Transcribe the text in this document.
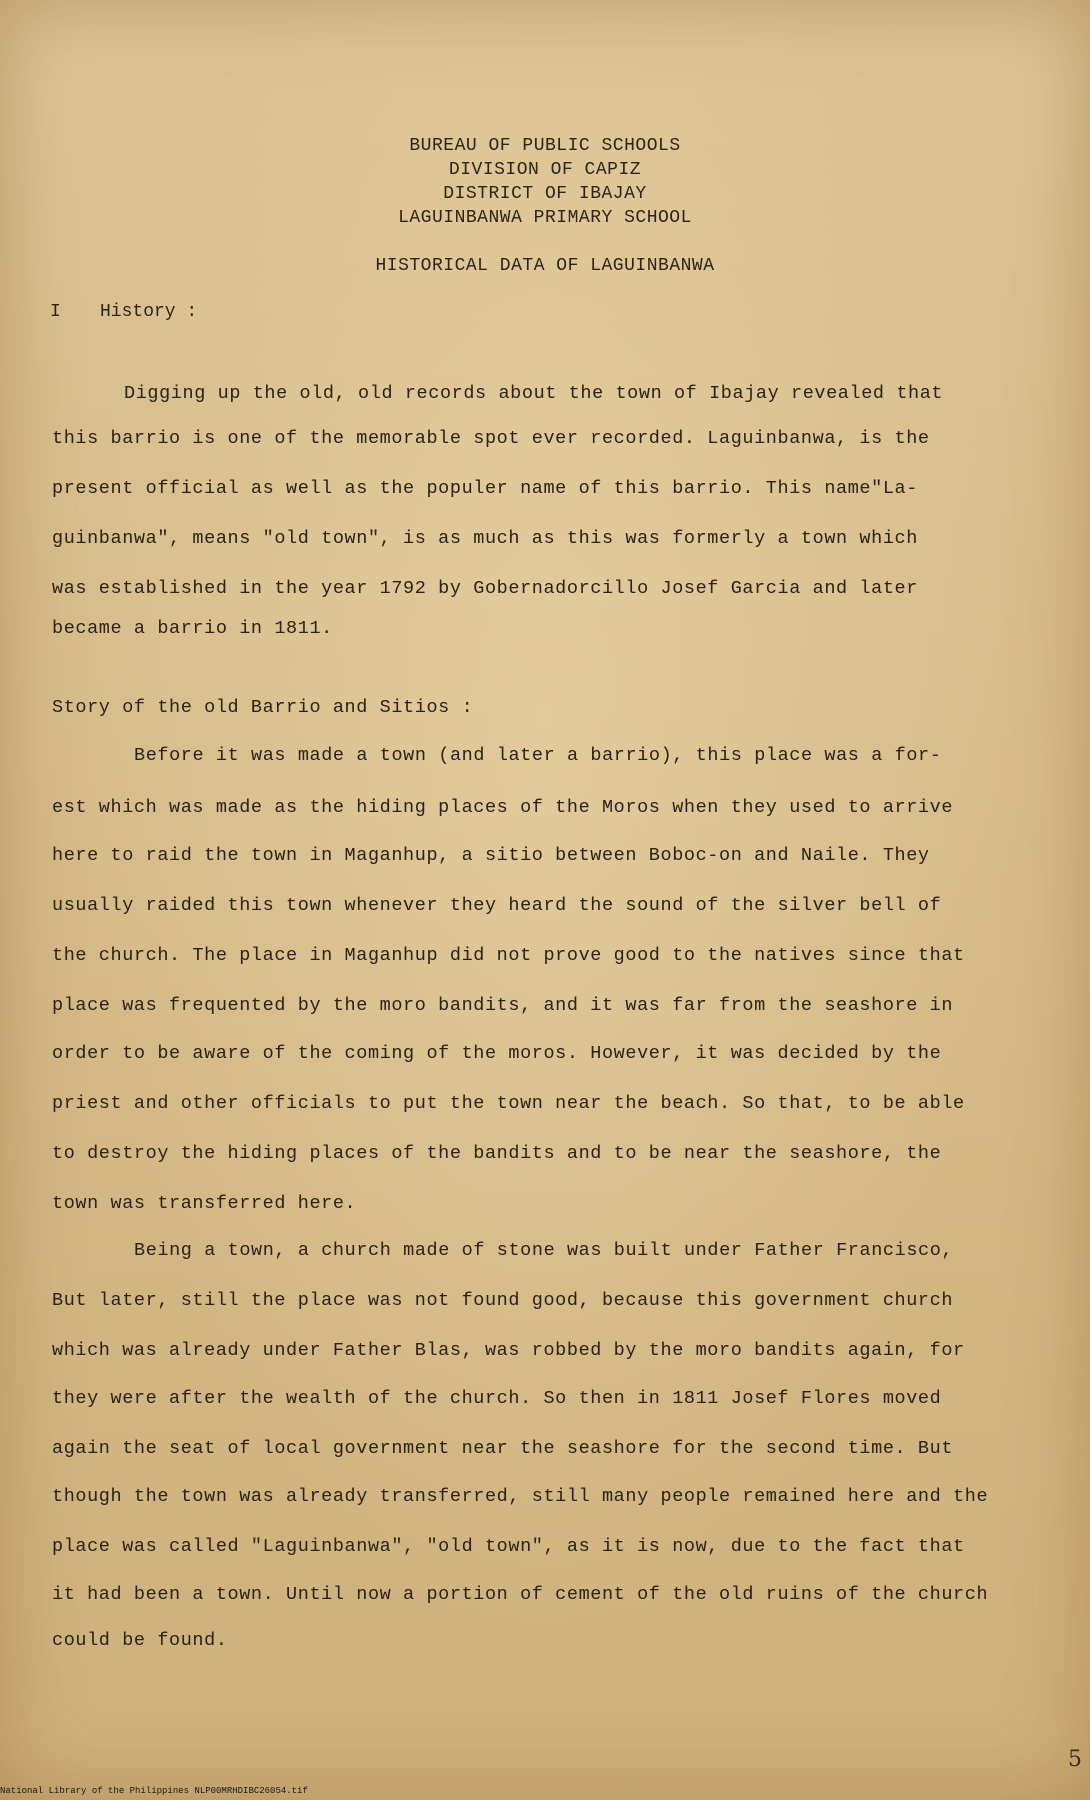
BUREAU OF PUBLIC SCHOOLS
DIVISION OF CAPIZ
DISTRICT OF IBAJAY
LAGUINBANWA PRIMARY SCHOOL
HISTORICAL DATA OF LAGUINBANWA
I History :
Digging up the old, old records about the town of Ibajay revealed that
this barrio is one of the memorable spot ever recorded. Laguinbanwa, is the
present official as well as the populer name of this barrio. This name"La-
guinbanwa", means "old town", is as much as this was formerly a town which
was established in the year 1792 by Gobernadorcillo Josef Garcia and later
became a barrio in 1811.
Story of the old Barrio and Sitios :
Before it was made a town (and later a barrio), this place was a for-
est which was made as the hiding places of the Moros when they used to arrive
here to raid the town in Maganhup, a sitio between Boboc-on and Naile. They
usually raided this town whenever they heard the sound of the silver bell of
the church. The place in Maganhup did not prove good to the natives since that
place was frequented by the moro bandits, and it was far from the seashore in
order to be aware of the coming of the moros. However, it was decided by the
priest and other officials to put the town near the beach. So that, to be able
to destroy the hiding places of the bandits and to be near the seashore, the
town was transferred here.
Being a town, a church made of stone was built under Father Francisco,
But later, still the place was not found good, because this government church
which was already under Father Blas, was robbed by the moro bandits again, for
they were after the wealth of the church. So then in 1811 Josef Flores moved
again the seat of local government near the seashore for the second time. But
though the town was already transferred, still many people remained here and the
place was called "Laguinbanwa", "old town", as it is now, due to the fact that
it had been a town. Until now a portion of cement of the old ruins of the church
could be found.
5
National Library of the Philippines NLP00MRHDIBC26054.tif
